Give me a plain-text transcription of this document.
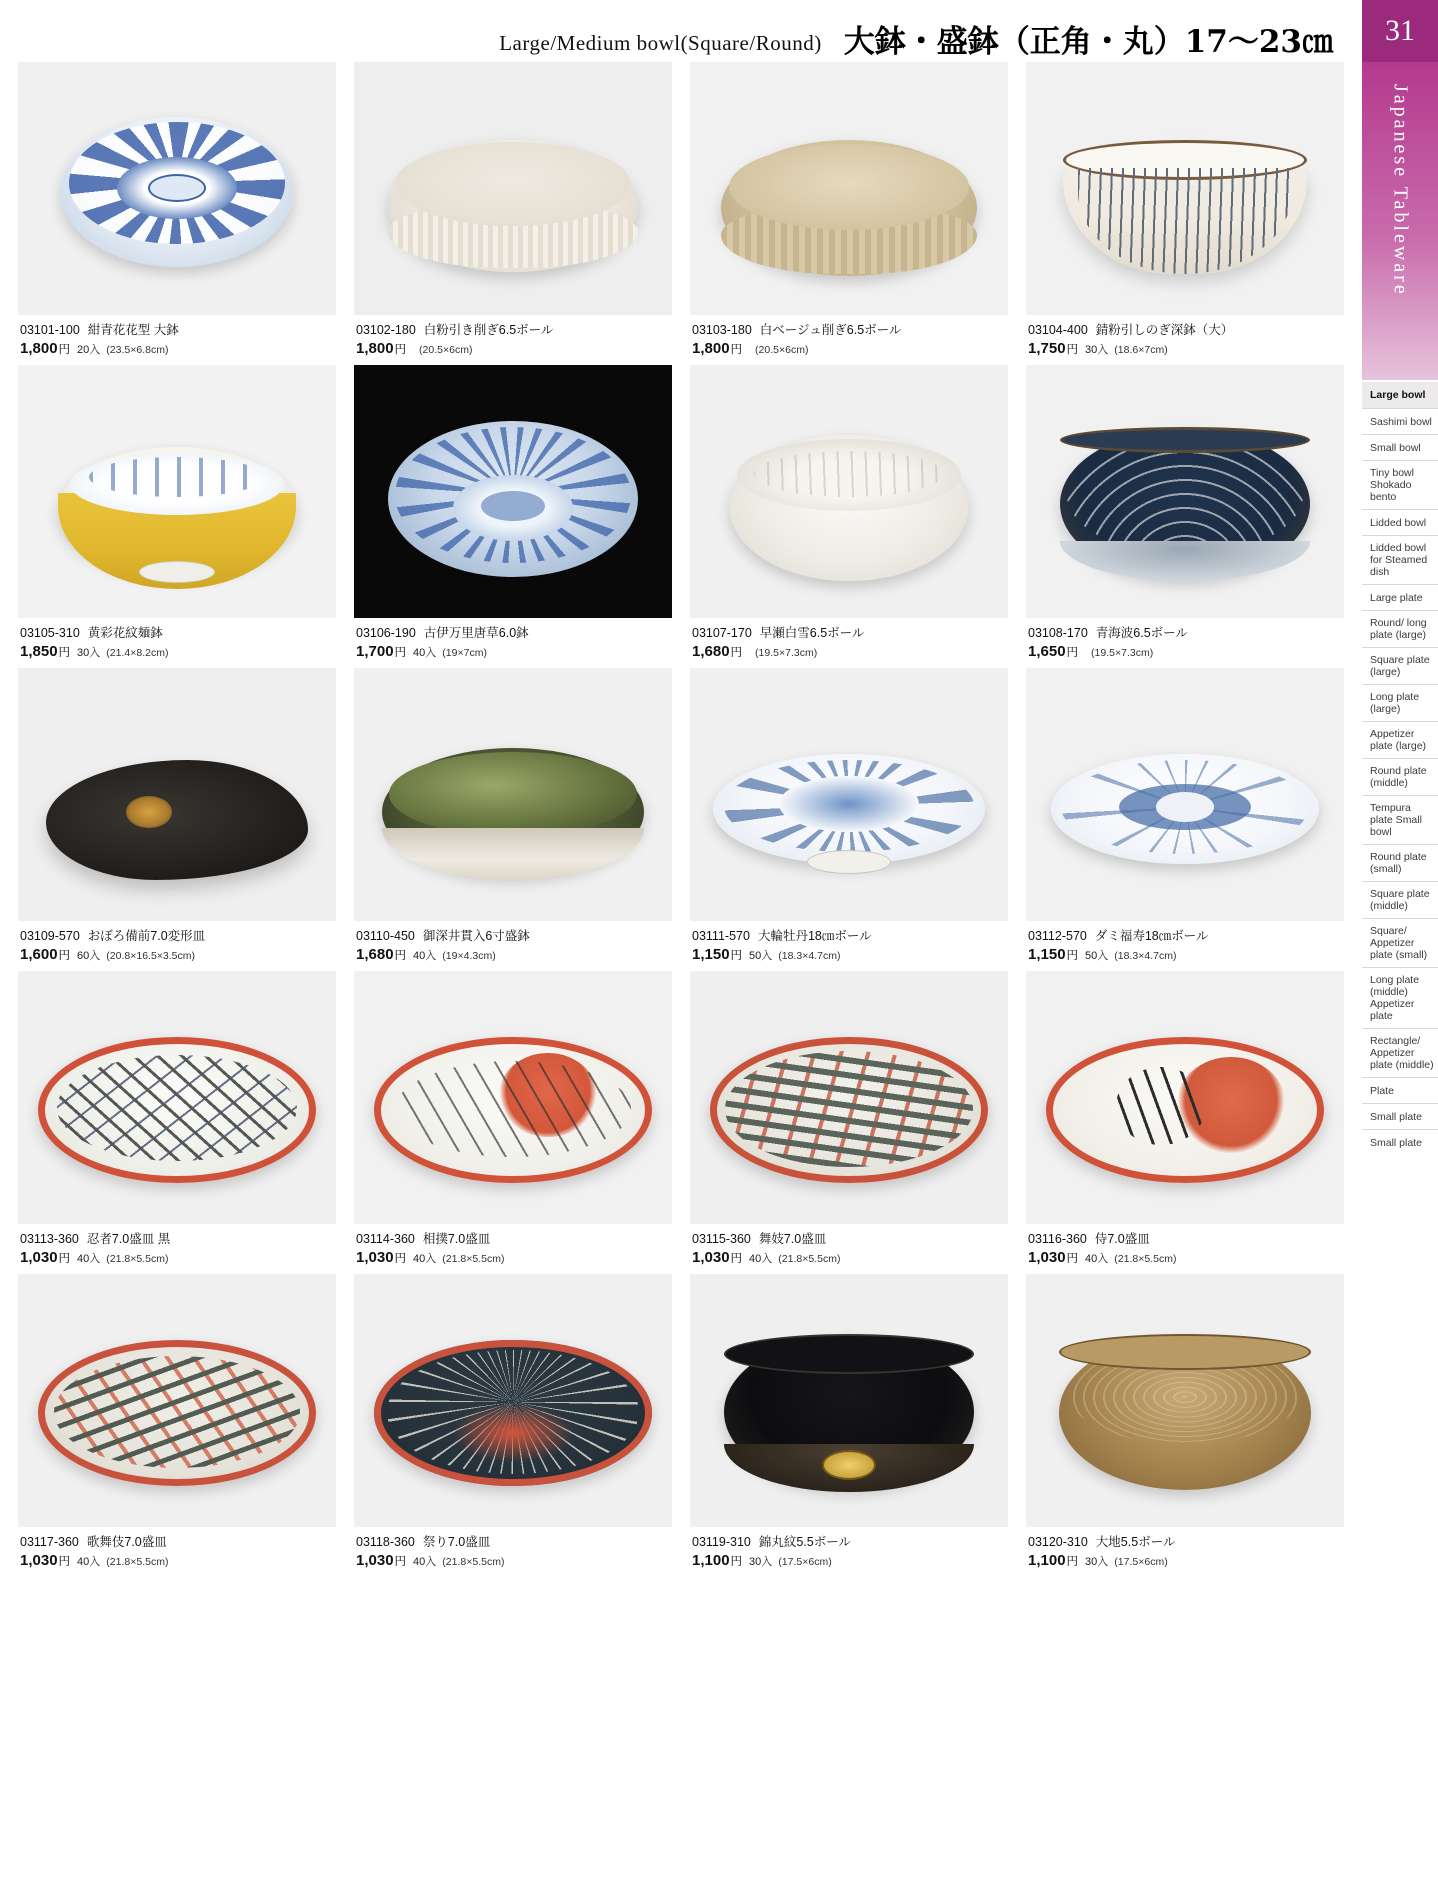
Large/Medium bowl(Square/Round) 大鉢・盛鉢（正角・丸）17〜23㎝	31
Japanese Tableware
Large bowl
Sashimi bowl
Small bowl
Tiny bowl Shokado bento
Lidded bowl
Lidded bowl for Steamed dish
Large plate
Round/ long plate (large)
Square plate (large)
Long plate (large)
Appetizer plate (large)
Round plate (middle)
Tempura plate Small bowl
Round plate (small)
Square plate (middle)
Square/ Appetizer plate (small)
Long plate (middle) Appetizer plate
Rectangle/ Appetizer plate (middle)
Plate
Small plate
Small plate
03101-100 紺青花花型 大鉢
1,800 円 20入 (23.5×6.8cm)
03102-180 白粉引き削ぎ6.5ボール
1,800 円 (20.5×6cm)
03103-180 白ベージュ削ぎ6.5ボール
1,800 円 (20.5×6cm)
03104-400 錆粉引しのぎ深鉢（大）
1,750 円 30入 (18.6×7cm)
03105-310 黄彩花紋麺鉢
1,850 円 30入 (21.4×8.2cm)
03106-190 古伊万里唐草6.0鉢
1,700 円 40入 (19×7cm)
03107-170 早瀬白雪6.5ボール
1,680 円 (19.5×7.3cm)
03108-170 青海波6.5ボール
1,650 円 (19.5×7.3cm)
03109-570 おぼろ備前7.0変形皿
1,600 円 60入 (20.8×16.5×3.5cm)
03110-450 御深井貫入6寸盛鉢
1,680 円 40入 (19×4.3cm)
03111-570 大輪牡丹18㎝ボール
1,150 円 50入 (18.3×4.7cm)
03112-570 ダミ福寿18㎝ボール
1,150 円 50入 (18.3×4.7cm)
03113-360 忍者7.0盛皿 黒
1,030 円 40入 (21.8×5.5cm)
03114-360 相撲7.0盛皿
1,030 円 40入 (21.8×5.5cm)
03115-360 舞妓7.0盛皿
1,030 円 40入 (21.8×5.5cm)
03116-360 侍7.0盛皿
1,030 円 40入 (21.8×5.5cm)
03117-360 歌舞伎7.0盛皿
1,030 円 40入 (21.8×5.5cm)
03118-360 祭り7.0盛皿
1,030 円 40入 (21.8×5.5cm)
03119-310 錦丸紋5.5ボール
1,100 円 30入 (17.5×6cm)
03120-310 大地5.5ボール
1,100 円 30入 (17.5×6cm)
